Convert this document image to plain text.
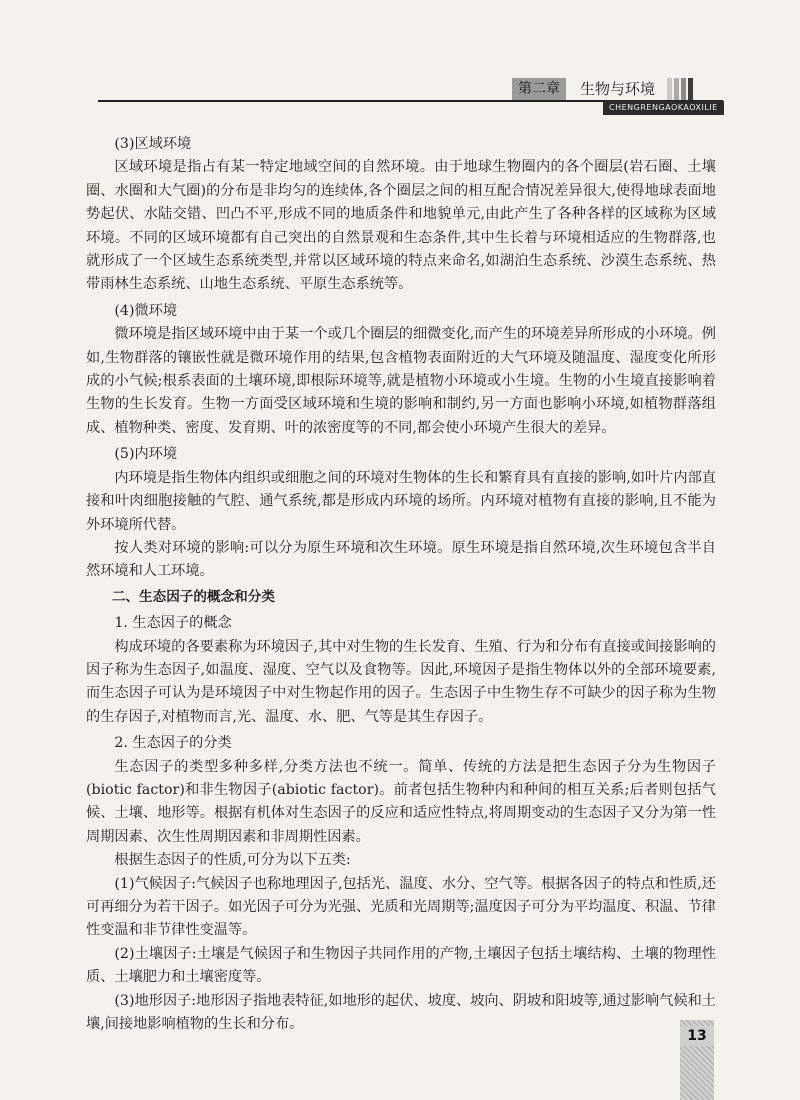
第二章	生物与环境
CHENGRENGAOKAOXILIE

(3)区域环境

区域环境是指占有某一特定地域空间的自然环境。由于地球生物圈内的各个圈层(岩石圈、土壤圈、水圈和大气圈)的分布是非均匀的连续体,各个圈层之间的相互配合情况差异很大,使得地球表面地势起伏、水陆交错、凹凸不平,形成不同的地质条件和地貌单元,由此产生了各种各样的区域称为区域环境。不同的区域环境都有自己突出的自然景观和生态条件,其中生长着与环境相适应的生物群落,也就形成了一个区域生态系统类型,并常以区域环境的特点来命名,如湖泊生态系统、沙漠生态系统、热带雨林生态系统、山地生态系统、平原生态系统等。

(4)微环境

微环境是指区域环境中由于某一个或几个圈层的细微变化,而产生的环境差异所形成的小环境。例如,生物群落的镶嵌性就是微环境作用的结果,包含植物表面附近的大气环境及随温度、湿度变化所形成的小气候;根系表面的土壤环境,即根际环境等,就是植物小环境或小生境。生物的小生境直接影响着生物的生长发育。生物一方面受区域环境和生境的影响和制约,另一方面也影响小环境,如植物群落组成、植物种类、密度、发育期、叶的浓密度等的不同,都会使小环境产生很大的差异。

(5)内环境

内环境是指生物体内组织或细胞之间的环境对生物体的生长和繁育具有直接的影响,如叶片内部直接和叶肉细胞接触的气腔、通气系统,都是形成内环境的场所。内环境对植物有直接的影响,且不能为外环境所代替。

按人类对环境的影响:可以分为原生环境和次生环境。原生环境是指自然环境,次生环境包含半自然环境和人工环境。

二、生态因子的概念和分类

1. 生态因子的概念

构成环境的各要素称为环境因子,其中对生物的生长发育、生殖、行为和分布有直接或间接影响的因子称为生态因子,如温度、湿度、空气以及食物等。因此,环境因子是指生物体以外的全部环境要素,而生态因子可认为是环境因子中对生物起作用的因子。生态因子中生物生存不可缺少的因子称为生物的生存因子,对植物而言,光、温度、水、肥、气等是其生存因子。

2. 生态因子的分类

生态因子的类型多种多样,分类方法也不统一。简单、传统的方法是把生态因子分为生物因子(biotic factor)和非生物因子(abiotic factor)。前者包括生物种内和种间的相互关系;后者则包括气候、土壤、地形等。根据有机体对生态因子的反应和适应性特点,将周期变动的生态因子又分为第一性周期因素、次生性周期因素和非周期性因素。

根据生态因子的性质,可分为以下五类:

(1)气候因子:气候因子也称地理因子,包括光、温度、水分、空气等。根据各因子的特点和性质,还可再细分为若干因子。如光因子可分为光强、光质和光周期等;温度因子可分为平均温度、积温、节律性变温和非节律性变温等。

(2)土壤因子:土壤是气候因子和生物因子共同作用的产物,土壤因子包括土壤结构、土壤的物理性质、土壤肥力和土壤密度等。

(3)地形因子:地形因子指地表特征,如地形的起伏、坡度、坡向、阴坡和阳坡等,通过影响气候和土壤,间接地影响植物的生长和分布。

13
